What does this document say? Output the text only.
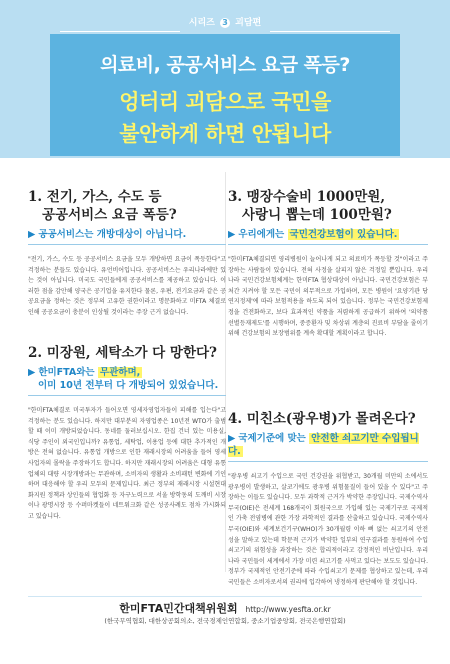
시리즈 3 괴담편
의료비, 공공서비스 요금 폭등?
엉터리 괴담으로 국민을
불안하게 하면 안됩니다
1. 전기, 가스, 수도 등
공공서비스 요금 폭등?
▶ 공공서비스는 개방대상이 아닙니다.
"전기, 가스, 수도 등 공공서비스 요금을 모두 개방하면 요금이 폭등한다"고 걱정하는 분들도 있습니다. 유언비어입니다. 공공서비스는 우리나라에만 있는 것이 아닙니다. 미국도 국민들에게 공공서비스를 제공하고 있습니다. 이러한 점을 감안해 양국은 공기업을 유지한다 물론, 우편, 전기요금과 같은 공공요금을 정하는 것은 정부의 고유한 권한이라고 명문화하고 미FTA 체결로 인해 공공요금이 충분이 인상될 것이라는 주장 근거 없습니다.
2. 미장원, 세탁소가 다 망한다?
▶ 한미FTA와는 무관하며,
이미 10년 전부터 다 개방되어 있었습니다.
"한미FTA체결로 미국투자가 들어오면 영세자영업자들이 피해를 입는다"고 걱정하는 분도 있습니다. 하지만 대부분의 자영업종은 10년전 WTO가 출범할 때 이미 개방되었습니다. 동네를 둘러보십시오. 한집 건너 있는 미용실, 식당 주인이 외국인입니까? 유통업, 세탁업, 이용업 등에 대한 추가적인 개방은 전혀 없습니다. 유통업 개방으로 인한 재래시장의 어려움을 들어 영세사업자의 몰락을 주장하기도 합니다. 하지만 재래시장의 어려움은 대형 유통업체의 대량 시장개방과는 무관하며, 소비자의 생활과 소비패턴 변화에 기인하며 대응해야 할 우리 모두의 문제입니다. 최근 정부의 재래시장 시설현대화지원 정책과 상인들의 협업화 등 자구노력으로 서울 방학동의 도깨비 시장이나 광명시장 등 수퍼마켓들이 네트워크화 같은 성공사례도 점차 가시화되고 있습니다.
3. 맹장수술비 1000만원,
사랑니 뽑는데 100만원?
▶ 우리에게는 국민건강보험이 있습니다.
"한미FTA체결되면 영리병원이 늘어나게 되고 의료비가 폭등할 것"이라고 주장하는 사람들이 있습니다. 전혀 사정을 살피지 않은 걱정일 뿐입니다. 우리나라 국민건강보험체계는 한미FTA 협상대상이 아닙니다. 국민건강보험은 부처간 지켜야 할 모든 국민이 의무적으로 가입하며, 모든 병원이 '요양기관 당연지정제'에 따라 보험적용을 하도록 되어 있습니다. 정부는 국민건강보험제정을 건전화하고, 보다 효과적인 약품을 저렴하게 공급하기 위하여 '의약품 선별등재제도'를 시행하며, 중증환자 및 차상위 계층의 진료비 부담을 줄이기 위해 건강보험의 보장범위를 계속 확대할 계획이라고 합니다.
4. 미친소(광우병)가 몰려온다?
▶ 국제기준에 맞는 안전한 쇠고기만 수입됩니다.
"광우병 쇠고기 수입으로 국민 건강권을 위협받고, 30개월 미만의 소에서도 광우병이 발생하고, 살코기에도 광우병 위험물질이 들어 있을 수 있다"고 주장하는 이들도 있습니다. 모두 과학적 근거가 박약한 주장입니다. 국제수역사무국(OIE)은 전세계 168개국이 회원국으로 가입해 있는 국제기구로 국제적인 가축 전염병에 관한 가장 과학적인 결과를 산출하고 있습니다. 국제수역사무국(OIE)와 세계보건기구(WHO)가 30개월령 이하 뼈 없는 쇠고기의 안전성을 말하고 있는데 학문적 근거가 박약한 일부의 연구결과를 동원하여 수입 쇠고기의 위험성을 과장하는 것은 합리적이라고 감정적인 비난입니다. 우리나라 국민들이 세계에서 가장 미련 쇠고기를 사먹고 있다는 보도도 있습니다. 정부가 국제적인 안전기준에 따라 수입쇠고기 문제를 협상하고 있는데, 우리 국민들은 소비자로서의 권리에 입각하여 냉정하게 판단해야 할 것입니다.
한미FTA민간대책위원회 http://www.yesfta.or.kr
(한국무역협회, 대한상공회의소, 전국경제인연합회, 중소기업중앙회, 전국은행연합회)
